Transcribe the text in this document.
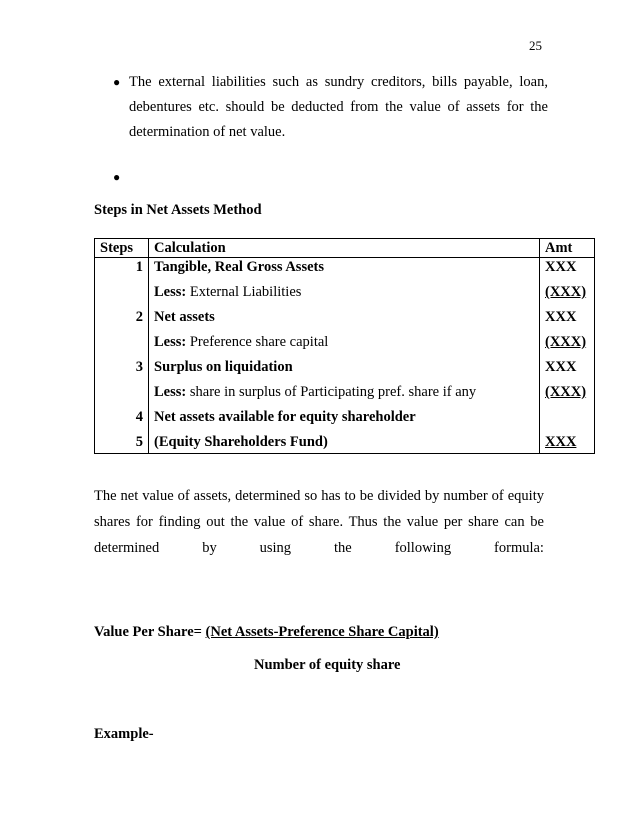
25
● The external liabilities such as sundry creditors, bills payable, loan, debentures etc. should be deducted from the value of assets for the determination of net value.
●
Steps in Net Assets Method
Steps	Calculation	Amt
1	Tangible, Real Gross Assets	XXX
	Less: External Liabilities	(XXX)
2	Net assets	XXX
	Less: Preference share capital	(XXX)
3	Surplus on liquidation	XXX
	Less: share in surplus of Participating pref. share if any	(XXX)
4	Net assets available for equity shareholder	
5	(Equity Shareholders Fund)	XXX
The net value of assets, determined so has to be divided by number of equity
shares for finding out the value of share. Thus the value per share can be
determined	by	using	the	following	formula:
Value Per Share= (Net Assets-Preference Share Capital)
Number of equity share
Example-
